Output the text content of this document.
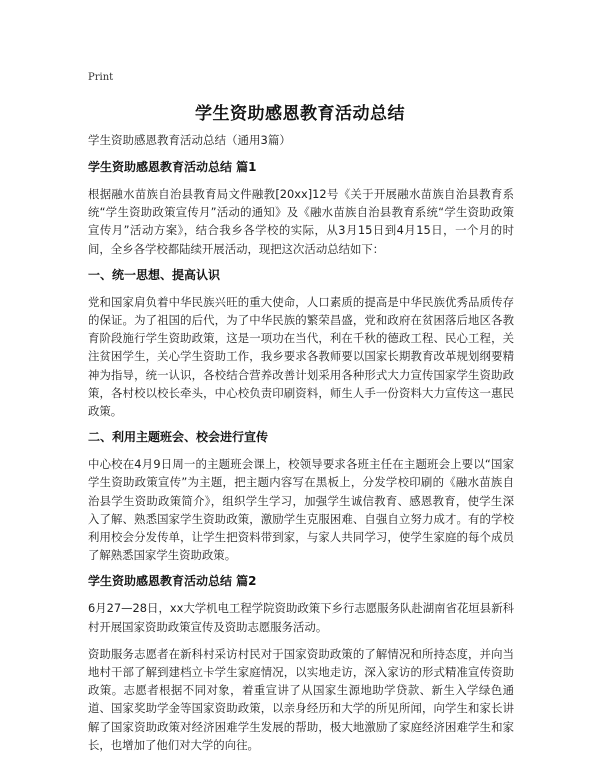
Print
学生资助感恩教育活动总结
学生资助感恩教育活动总结（通用3篇）
学生资助感恩教育活动总结 篇1

根据融水苗族自治县教育局文件融教[20xx]12号《关于开展融水苗族自治县教育系统“学生资助政策宣传月”活动的通知》及《融水苗族自治县教育系统“学生资助政策宣传月”活动方案》，结合我乡各学校的实际，从3月15日到4月15日，一个月的时间，全乡各学校都陆续开展活动，现把这次活动总结如下：

一、统一思想、提高认识

党和国家肩负着中华民族兴旺的重大使命，人口素质的提高是中华民族优秀品质传存的保证。为了祖国的后代，为了中华民族的繁荣昌盛，党和政府在贫困落后地区各教育阶段施行学生资助政策，这是一项功在当代，利在千秋的德政工程、民心工程，关注贫困学生，关心学生资助工作，我乡要求各教师要以国家长期教育改革规划纲要精神为指导，统一认识，各校结合营养改善计划采用各种形式大力宣传国家学生资助政策，各村校以校长牵头，中心校负责印刷资料，师生人手一份资料大力宣传这一惠民政策。

二、利用主题班会、校会进行宣传

中心校在4月9日周一的主题班会课上，校领导要求各班主任在主题班会上要以“国家学生资助政策宣传”为主题，把主题内容写在黑板上，分发学校印刷的《融水苗族自治县学生资助政策简介》，组织学生学习，加强学生诚信教育、感恩教育，使学生深入了解、熟悉国家学生资助政策，激励学生克服困难、自强自立努力成才。有的学校利用校会分发传单，让学生把资料带到家，与家人共同学习，使学生家庭的每个成员了解熟悉国家学生资助政策。

学生资助感恩教育活动总结 篇2

6月27—28日，xx大学机电工程学院资助政策下乡行志愿服务队赴湖南省花垣县新科村开展国家资助政策宣传及资助志愿服务活动。

资助服务志愿者在新科村采访村民对于国家资助政策的了解情况和所持态度，并向当地村干部了解到建档立卡学生家庭情况，以实地走访，深入家访的形式精准宣传资助政策。志愿者根据不同对象，着重宣讲了从国家生源地助学贷款、新生入学绿色通道、国家奖助学金等国家资助政策，以亲身经历和大学的所见所闻，向学生和家长讲解了国家资助政策对经济困难学生发展的帮助，极大地激励了家庭经济困难学生和家长，也增加了他们对大学的向往。
